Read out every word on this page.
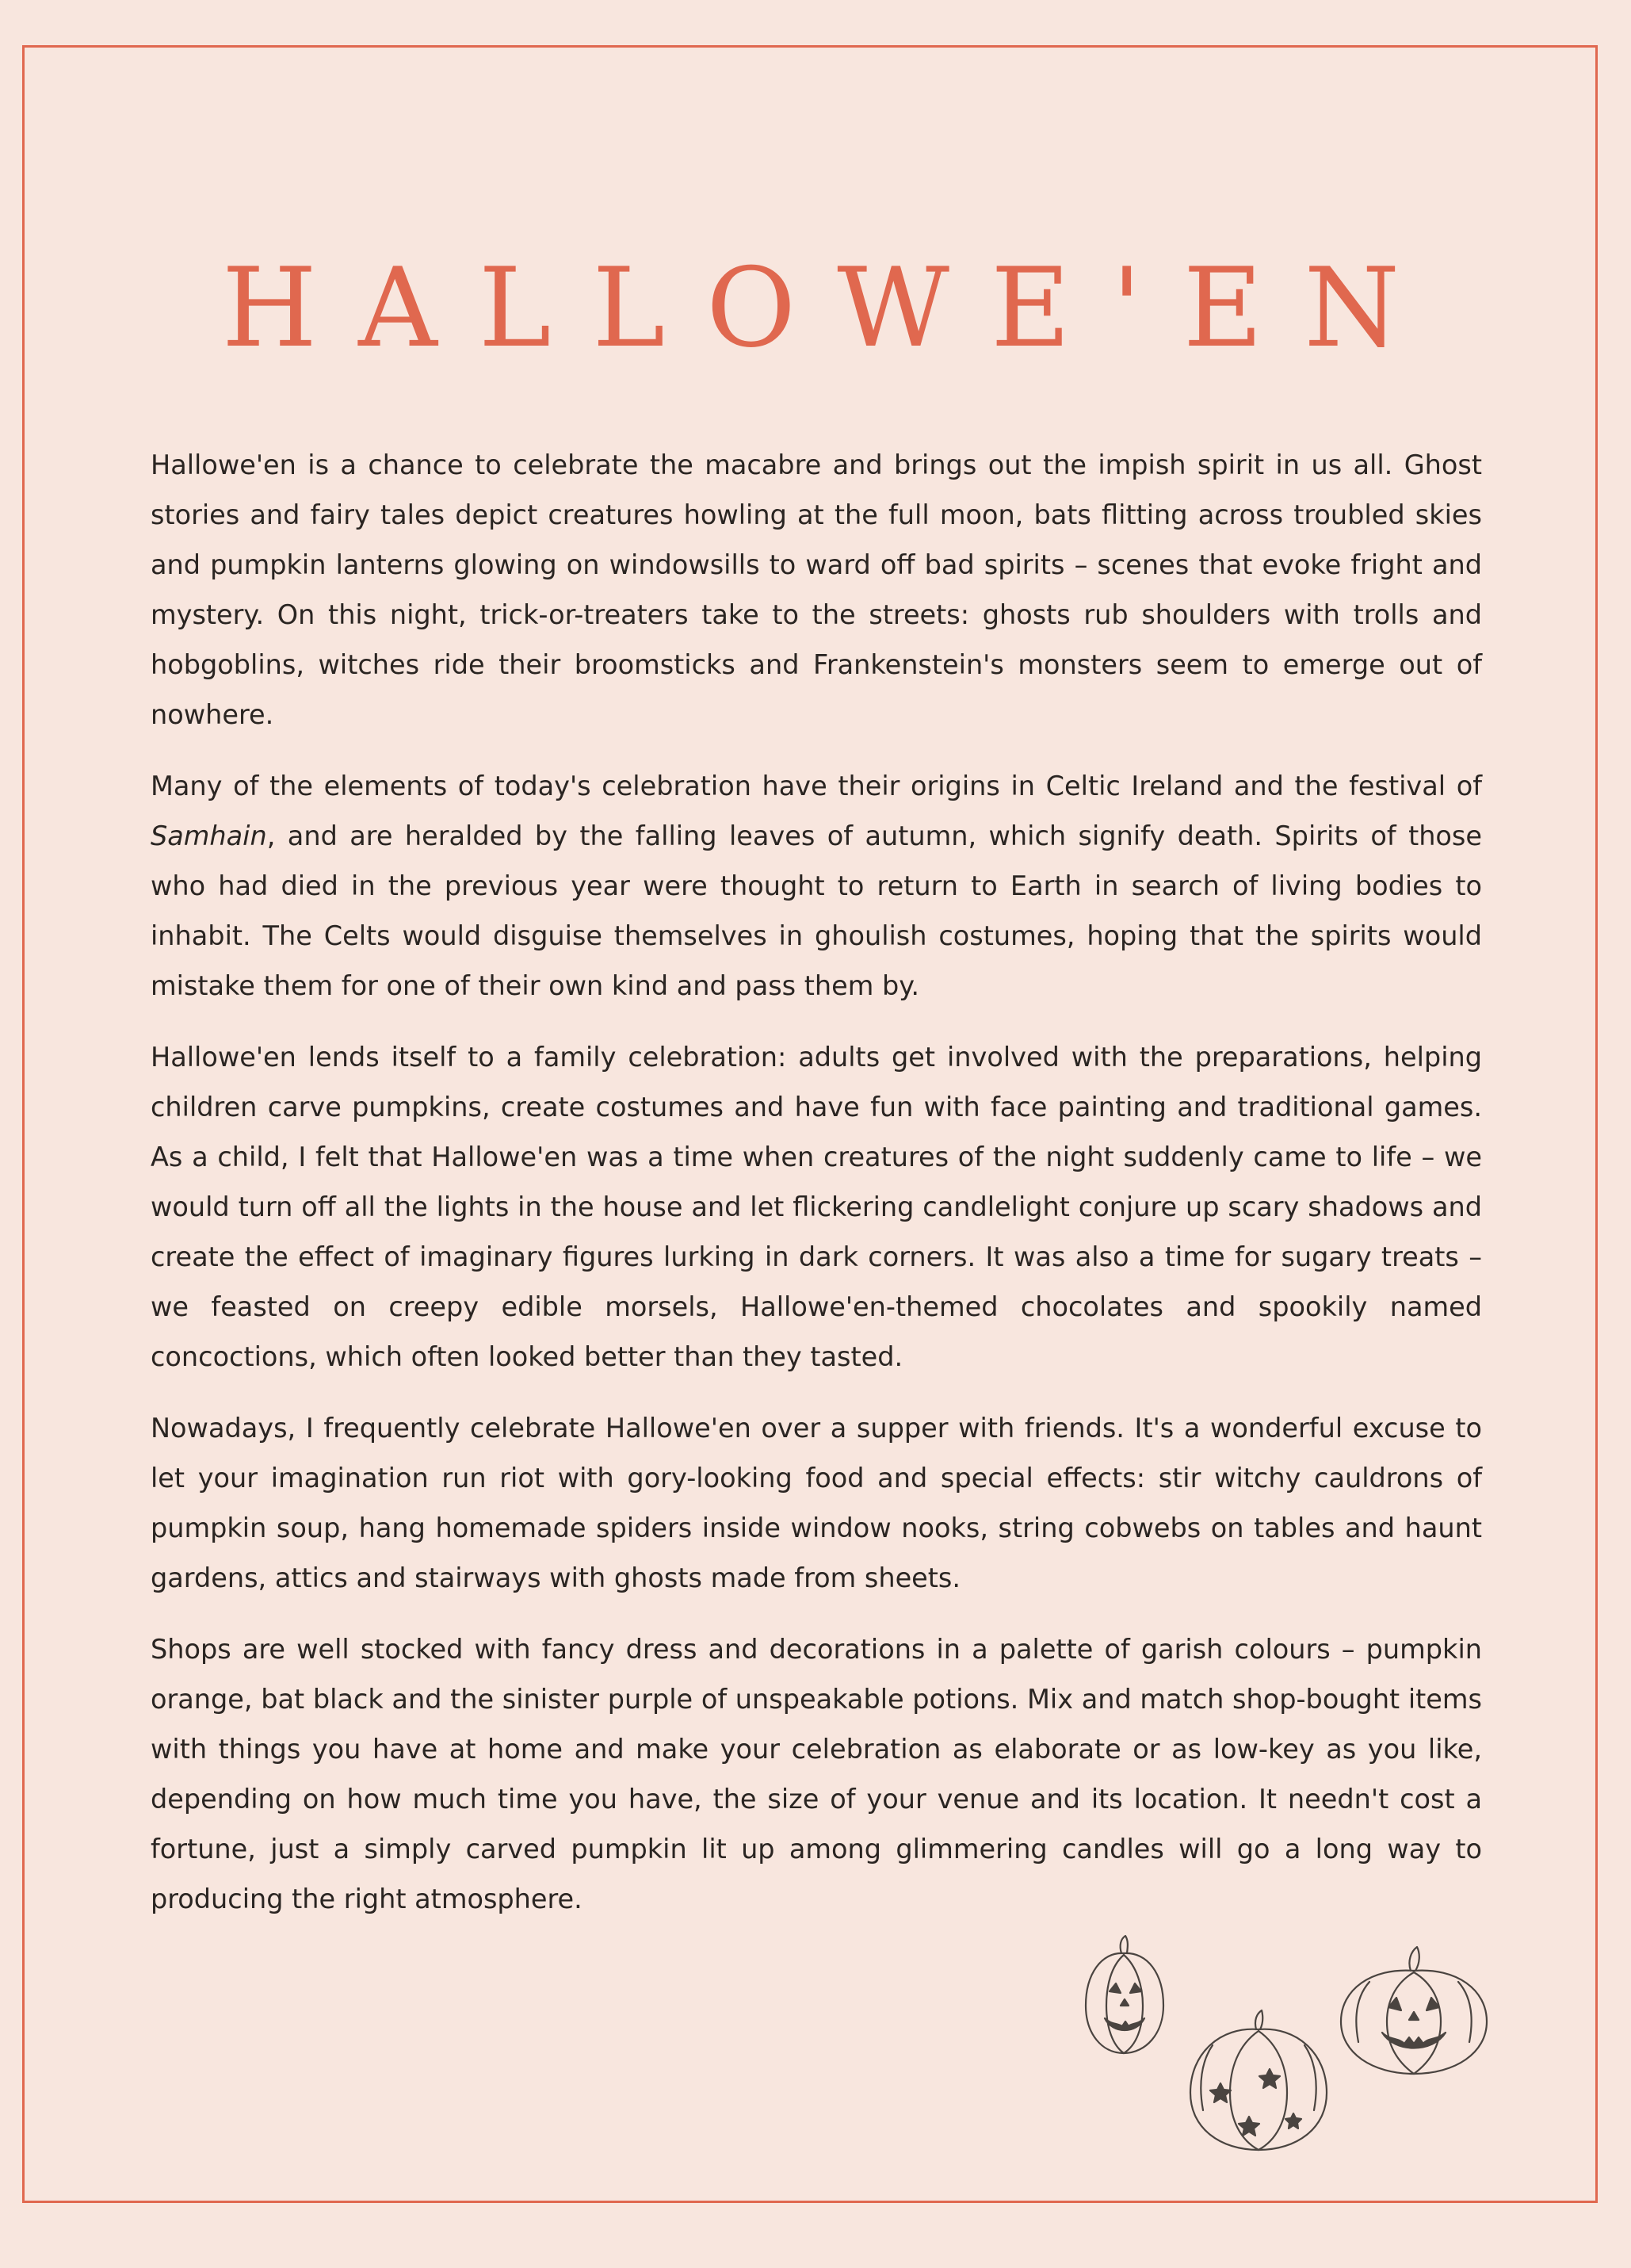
HALLOWE'EN

Hallowe'en is a chance to celebrate the macabre and brings out the impish spirit in us all. Ghost stories and fairy tales depict creatures howling at the full moon, bats flitting across troubled skies and pumpkin lanterns glowing on windowsills to ward off bad spirits – scenes that evoke fright and mystery. On this night, trick-or-treaters take to the streets: ghosts rub shoulders with trolls and hobgoblins, witches ride their broomsticks and Frankenstein's monsters seem to emerge out of nowhere.

Many of the elements of today's celebration have their origins in Celtic Ireland and the festival of Samhain, and are heralded by the falling leaves of autumn, which signify death. Spirits of those who had died in the previous year were thought to return to Earth in search of living bodies to inhabit. The Celts would disguise themselves in ghoulish costumes, hoping that the spirits would mistake them for one of their own kind and pass them by.

Hallowe'en lends itself to a family celebration: adults get involved with the preparations, helping children carve pumpkins, create costumes and have fun with face painting and traditional games. As a child, I felt that Hallowe'en was a time when creatures of the night suddenly came to life – we would turn off all the lights in the house and let flickering candlelight conjure up scary shadows and create the effect of imaginary figures lurking in dark corners. It was also a time for sugary treats – we feasted on creepy edible morsels, Hallowe'en-themed chocolates and spookily named concoctions, which often looked better than they tasted.

Nowadays, I frequently celebrate Hallowe'en over a supper with friends. It's a wonderful excuse to let your imagination run riot with gory-looking food and special effects: stir witchy cauldrons of pumpkin soup, hang homemade spiders inside window nooks, string cobwebs on tables and haunt gardens, attics and stairways with ghosts made from sheets.

Shops are well stocked with fancy dress and decorations in a palette of garish colours – pumpkin orange, bat black and the sinister purple of unspeakable potions. Mix and match shop-bought items with things you have at home and make your celebration as elaborate or as low-key as you like, depending on how much time you have, the size of your venue and its location. It needn't cost a fortune, just a simply carved pumpkin lit up among glimmering candles will go a long way to producing the right atmosphere.
